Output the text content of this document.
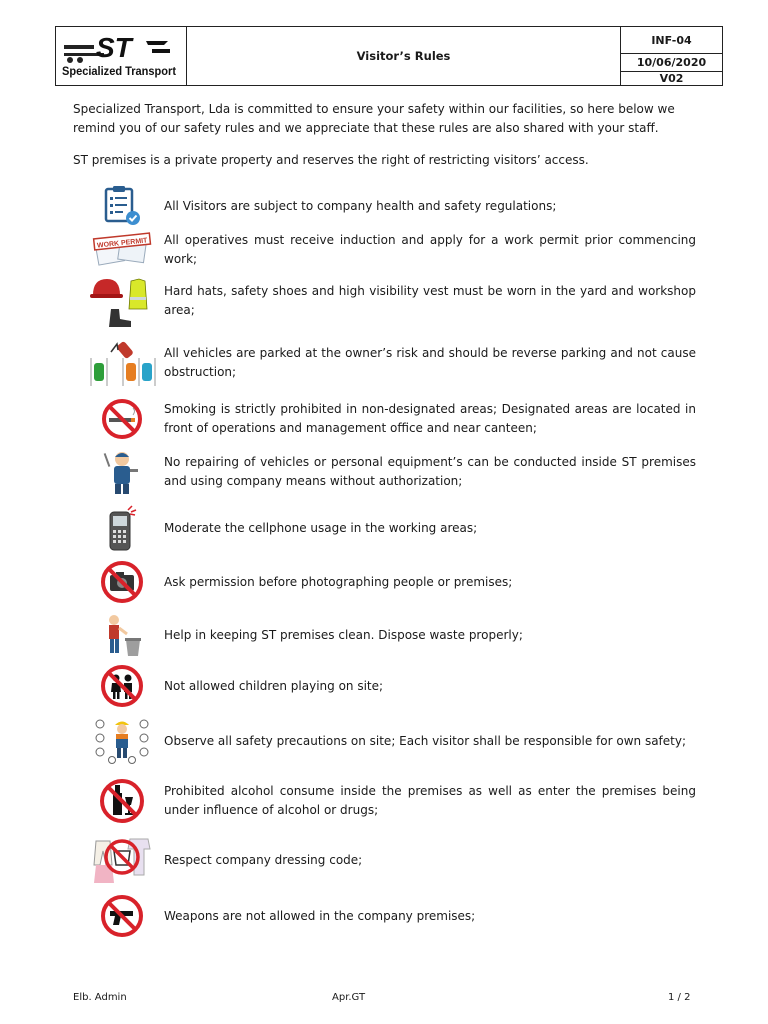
ST
Specialized Transport
Visitor’s Rules
INF-04
10/06/2020
V02
Specialized Transport, Lda is committed to ensure your safety within our facilities, so here below we remind you of our safety rules and we appreciate that these rules are also shared with your staff.
ST premises is a private property and reserves the right of restricting visitors’ access.
All Visitors are subject to company health and safety regulations;
WORK PERMIT	All operatives must receive induction and apply for a work permit prior commencing work;
Hard hats, safety shoes and high visibility vest must be worn in the yard and workshop area;
All vehicles are parked at the owner’s risk and should be reverse parking and not cause obstruction;
Smoking is strictly prohibited in non-designated areas; Designated areas are located in front of operations and management office and near canteen;
No repairing of vehicles or personal equipment’s can be conducted inside ST premises and using company means without authorization;
Moderate the cellphone usage in the working areas;
Ask permission before photographing people or premises;
Help in keeping ST premises clean. Dispose waste properly;
Not allowed children playing on site;
Observe all safety precautions on site; Each visitor shall be responsible for own safety;
Prohibited alcohol consume inside the premises as well as enter the premises being under influence of alcohol or drugs;
Respect company dressing code;
Weapons are not allowed in the company premises;
Elb. Admin	Apr.GT	1 / 2
